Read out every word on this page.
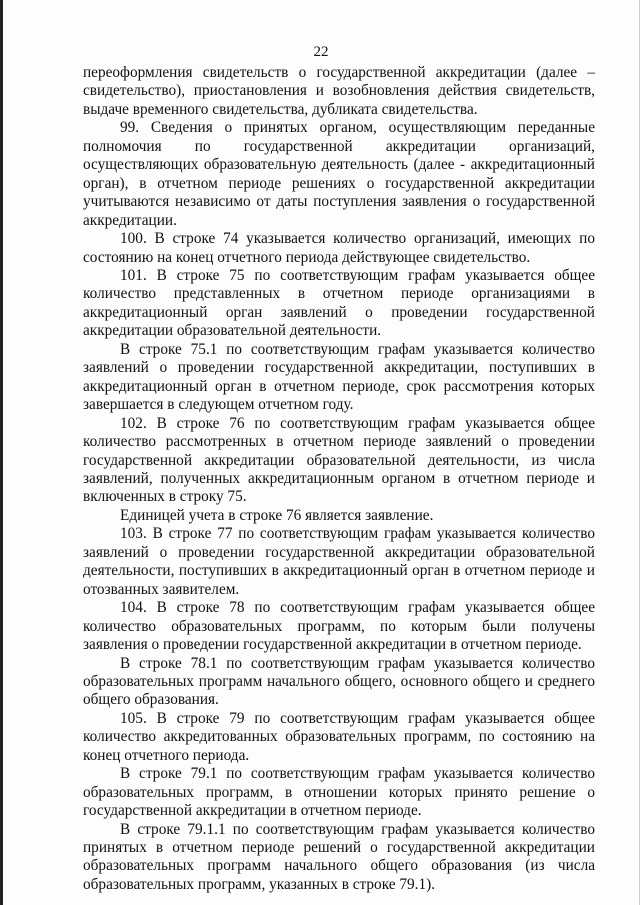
22

переоформления свидетельств о государственной аккредитации (далее – свидетельство), приостановления и возобновления действия свидетельств, выдаче временного свидетельства, дубликата свидетельства.

99. Сведения о принятых органом, осуществляющим переданные полномочия по государственной аккредитации организаций, осуществляющих образовательную деятельность (далее - аккредитационный орган), в отчетном периоде решениях о государственной аккредитации учитываются независимо от даты поступления заявления о государственной аккредитации.

100. В строке 74 указывается количество организаций, имеющих по состоянию на конец отчетного периода действующее свидетельство.

101. В строке 75 по соответствующим графам указывается общее количество представленных в отчетном периоде организациями в аккредитационный орган заявлений о проведении государственной аккредитации образовательной деятельности.

В строке 75.1 по соответствующим графам указывается количество заявлений о проведении государственной аккредитации, поступивших в аккредитационный орган в отчетном периоде, срок рассмотрения которых завершается в следующем отчетном году.

102. В строке 76 по соответствующим графам указывается общее количество рассмотренных в отчетном периоде заявлений о проведении государственной аккредитации образовательной деятельности, из числа заявлений, полученных аккредитационным органом в отчетном периоде и включенных в строку 75.

Единицей учета в строке 76 является заявление.

103. В строке 77 по соответствующим графам указывается количество заявлений о проведении государственной аккредитации образовательной деятельности, поступивших в аккредитационный орган в отчетном периоде и отозванных заявителем.

104. В строке 78 по соответствующим графам указывается общее количество образовательных программ, по которым были получены заявления о проведении государственной аккредитации в отчетном периоде.

В строке 78.1 по соответствующим графам указывается количество образовательных программ начального общего, основного общего и среднего общего образования.

105. В строке 79 по соответствующим графам указывается общее количество аккредитованных образовательных программ, по состоянию на конец отчетного периода.

В строке 79.1 по соответствующим графам указывается количество образовательных программ, в отношении которых принято решение о государственной аккредитации в отчетном периоде.

В строке 79.1.1 по соответствующим графам указывается количество принятых в отчетном периоде решений о государственной аккредитации образовательных программ начального общего образования (из числа образовательных программ, указанных в строке 79.1).
